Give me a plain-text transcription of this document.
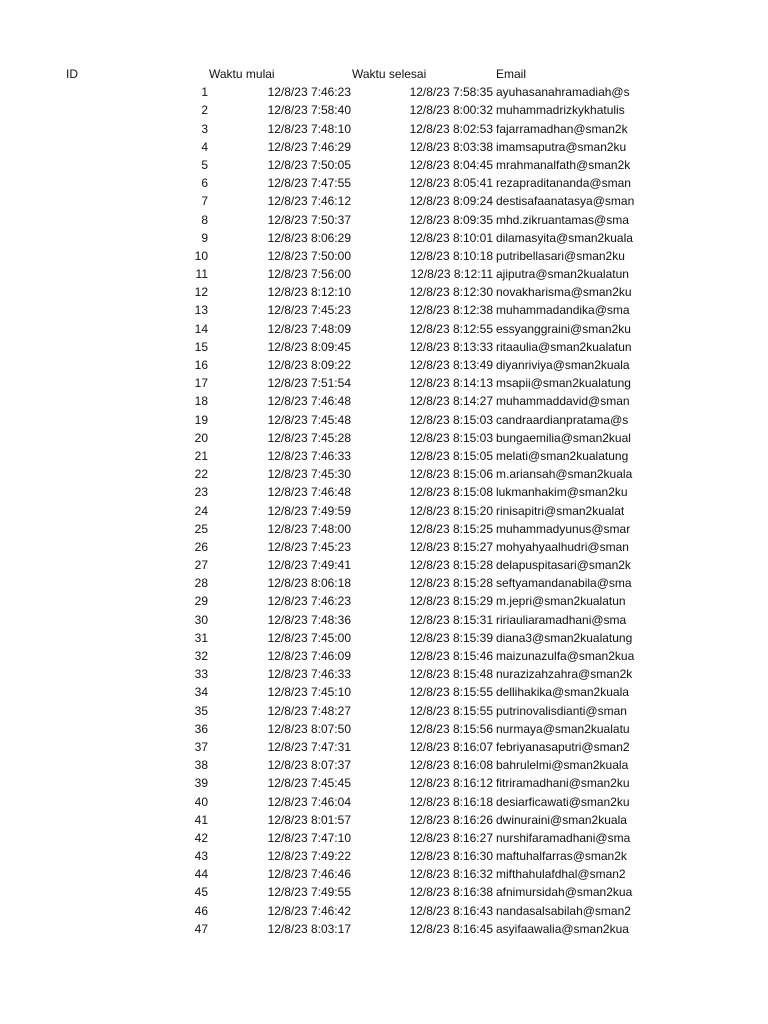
ID	Waktu mulai	Waktu selesai	Email
1	12/8/23 7:46:23	12/8/23 7:58:35 ayuhasanahramadiah@s
2	12/8/23 7:58:40	12/8/23 8:00:32 muhammadrizkykhatulis
3	12/8/23 7:48:10	12/8/23 8:02:53 fajarramadhan@sman2k
4	12/8/23 7:46:29	12/8/23 8:03:38 imamsaputra@sman2ku
5	12/8/23 7:50:05	12/8/23 8:04:45 mrahmanalfath@sman2k
6	12/8/23 7:47:55	12/8/23 8:05:41 rezapraditananda@sman
7	12/8/23 7:46:12	12/8/23 8:09:24 destisafaanatasya@sman
8	12/8/23 7:50:37	12/8/23 8:09:35 mhd.zikruantamas@sma
9	12/8/23 8:06:29	12/8/23 8:10:01 dilamasyita@sman2kuala
10	12/8/23 7:50:00	12/8/23 8:10:18 putribellasari@sman2ku
11	12/8/23 7:56:00	12/8/23 8:12:11 ajiputra@sman2kualatun
12	12/8/23 8:12:10	12/8/23 8:12:30 novakharisma@sman2ku
13	12/8/23 7:45:23	12/8/23 8:12:38 muhammadandika@sma
14	12/8/23 7:48:09	12/8/23 8:12:55 essyanggraini@sman2ku
15	12/8/23 8:09:45	12/8/23 8:13:33 ritaaulia@sman2kualatun
16	12/8/23 8:09:22	12/8/23 8:13:49 diyanriviya@sman2kuala
17	12/8/23 7:51:54	12/8/23 8:14:13 msapii@sman2kualatung
18	12/8/23 7:46:48	12/8/23 8:14:27 muhammaddavid@sman
19	12/8/23 7:45:48	12/8/23 8:15:03 candraardianpratama@s
20	12/8/23 7:45:28	12/8/23 8:15:03 bungaemilia@sman2kual
21	12/8/23 7:46:33	12/8/23 8:15:05 melati@sman2kualatung
22	12/8/23 7:45:30	12/8/23 8:15:06 m.ariansah@sman2kuala
23	12/8/23 7:46:48	12/8/23 8:15:08 lukmanhakim@sman2ku
24	12/8/23 7:49:59	12/8/23 8:15:20 rinisapitri@sman2kualat
25	12/8/23 7:48:00	12/8/23 8:15:25 muhammadyunus@smar
26	12/8/23 7:45:23	12/8/23 8:15:27 mohyahyaalhudri@sman
27	12/8/23 7:49:41	12/8/23 8:15:28 delapuspitasari@sman2k
28	12/8/23 8:06:18	12/8/23 8:15:28 seftyamandanabila@sma
29	12/8/23 7:46:23	12/8/23 8:15:29 m.jepri@sman2kualatun
30	12/8/23 7:48:36	12/8/23 8:15:31 ririauliaramadhani@sma
31	12/8/23 7:45:00	12/8/23 8:15:39 diana3@sman2kualatung
32	12/8/23 7:46:09	12/8/23 8:15:46 maizunazulfa@sman2kua
33	12/8/23 7:46:33	12/8/23 8:15:48 nurazizahzahra@sman2k
34	12/8/23 7:45:10	12/8/23 8:15:55 dellihakika@sman2kuala
35	12/8/23 7:48:27	12/8/23 8:15:55 putrinovalisdianti@sman
36	12/8/23 8:07:50	12/8/23 8:15:56 nurmaya@sman2kualatu
37	12/8/23 7:47:31	12/8/23 8:16:07 febriyanasaputri@sman2
38	12/8/23 8:07:37	12/8/23 8:16:08 bahrulelmi@sman2kuala
39	12/8/23 7:45:45	12/8/23 8:16:12 fitriramadhani@sman2ku
40	12/8/23 7:46:04	12/8/23 8:16:18 desiarficawati@sman2ku
41	12/8/23 8:01:57	12/8/23 8:16:26 dwinuraini@sman2kuala
42	12/8/23 7:47:10	12/8/23 8:16:27 nurshifaramadhani@sma
43	12/8/23 7:49:22	12/8/23 8:16:30 maftuhalfarras@sman2k
44	12/8/23 7:46:46	12/8/23 8:16:32 mifthahulafdhal@sman2
45	12/8/23 7:49:55	12/8/23 8:16:38 afnimursidah@sman2kua
46	12/8/23 7:46:42	12/8/23 8:16:43 nandasalsabilah@sman2
47	12/8/23 8:03:17	12/8/23 8:16:45 asyifaawalia@sman2kua
